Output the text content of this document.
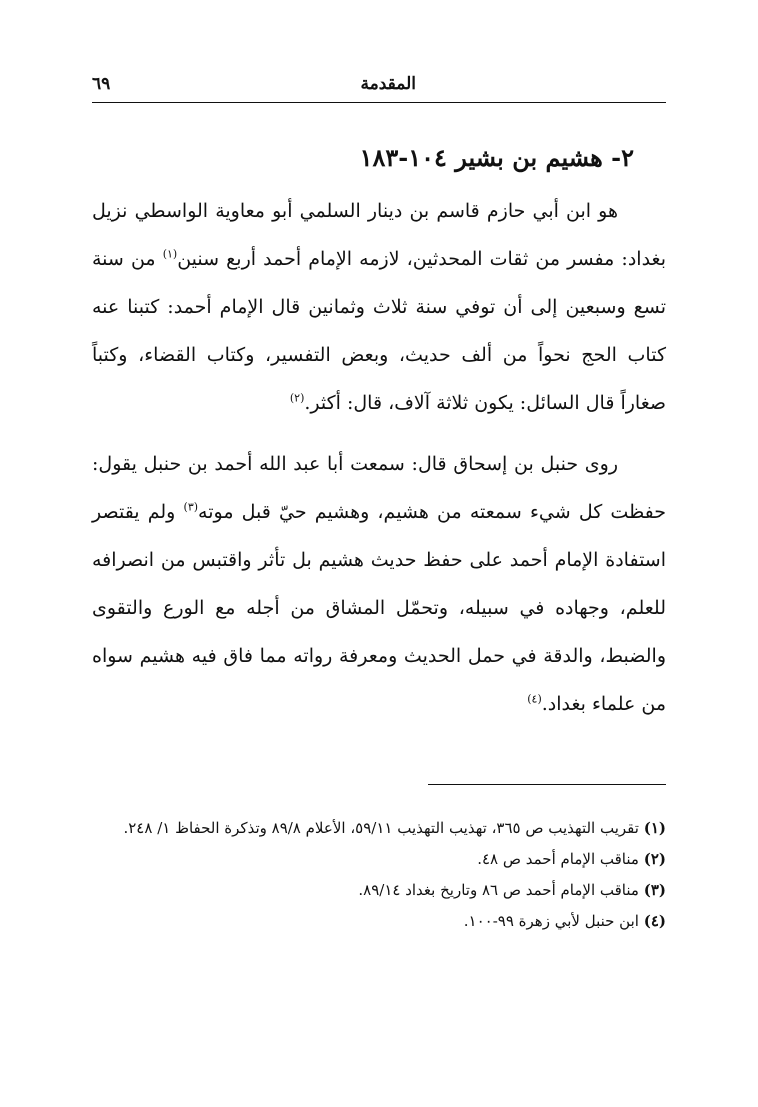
المقدمة
٦٩
٢- هشيم بن بشير ١٠٤-١٨٣
هو ابن أبي حازم قاسم بن دينار السلمي أبو معاوية الواسطي نزيل بغداد: مفسر من ثقات المحدثين، لازمه الإمام أحمد أربع سنين$^{(١)}$ من سنة تسع وسبعين إلى أن توفي سنة ثلاث وثمانين قال الإمام أحمد: كتبنا عنه كتاب الحج نحواً من ألف حديث، وبعض التفسير، وكتاب القضاء، وكتباً صغاراً قال السائل: يكون ثلاثة آلاف، قال: أكثر.$^{(٢)}$
روى حنبل بن إسحاق قال: سمعت أبا عبد الله أحمد بن حنبل يقول: حفظت كل شيء سمعته من هشيم، وهشيم حيّ قبل موته$^{(٣)}$ ولم يقتصر استفادة الإمام أحمد على حفظ حديث هشيم بل تأثر واقتبس من انصرافه للعلم، وجهاده في سبيله، وتحمّل المشاق من أجله مع الورع والتقوى والضبط، والدقة في حمل الحديث ومعرفة رواته مما فاق فيه هشيم سواه من علماء بغداد.$^{(٤)}$

(١) تقريب التهذيب ص ٣٦٥، تهذيب التهذيب ٥٩/١١، الأعلام ٨٩/٨ وتذكرة الحفاظ ١/ ٢٤٨.

(٢) مناقب الإمام أحمد ص ٤٨.

(٣) مناقب الإمام أحمد ص ٨٦ وتاريخ بغداد ٨٩/١٤.

(٤) ابن حنبل لأبي زهرة ٩٩-١٠٠.
